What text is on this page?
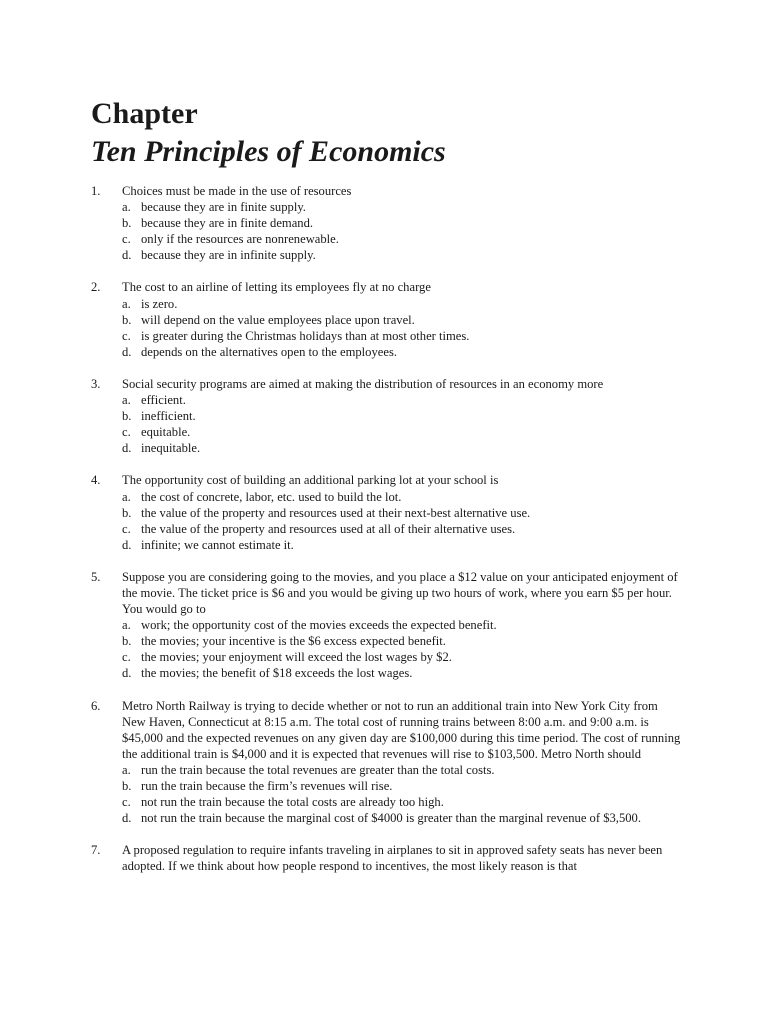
Chapter
Ten Principles of Economics
1. Choices must be made in the use of resources
a. because they are in finite supply.
b. because they are in finite demand.
c. only if the resources are nonrenewable.
d. because they are in infinite supply.
2. The cost to an airline of letting its employees fly at no charge
a. is zero.
b. will depend on the value employees place upon travel.
c. is greater during the Christmas holidays than at most other times.
d. depends on the alternatives open to the employees.
3. Social security programs are aimed at making the distribution of resources in an economy more
a. efficient.
b. inefficient.
c. equitable.
d. inequitable.
4. The opportunity cost of building an additional parking lot at your school is
a. the cost of concrete, labor, etc. used to build the lot.
b. the value of the property and resources used at their next-best alternative use.
c. the value of the property and resources used at all of their alternative uses.
d. infinite; we cannot estimate it.
5. Suppose you are considering going to the movies, and you place a $12 value on your anticipated enjoyment of the movie. The ticket price is $6 and you would be giving up two hours of work, where you earn $5 per hour. You would go to
a. work; the opportunity cost of the movies exceeds the expected benefit.
b. the movies; your incentive is the $6 excess expected benefit.
c. the movies; your enjoyment will exceed the lost wages by $2.
d. the movies; the benefit of $18 exceeds the lost wages.
6. Metro North Railway is trying to decide whether or not to run an additional train into New York City from New Haven, Connecticut at 8:15 a.m. The total cost of running trains between 8:00 a.m. and 9:00 a.m. is $45,000 and the expected revenues on any given day are $100,000 during this time period. The cost of running the additional train is $4,000 and it is expected that revenues will rise to $103,500. Metro North should
a. run the train because the total revenues are greater than the total costs.
b. run the train because the firm’s revenues will rise.
c. not run the train because the total costs are already too high.
d. not run the train because the marginal cost of $4000 is greater than the marginal revenue of $3,500.
7. A proposed regulation to require infants traveling in airplanes to sit in approved safety seats has never been adopted. If we think about how people respond to incentives, the most likely reason is that
